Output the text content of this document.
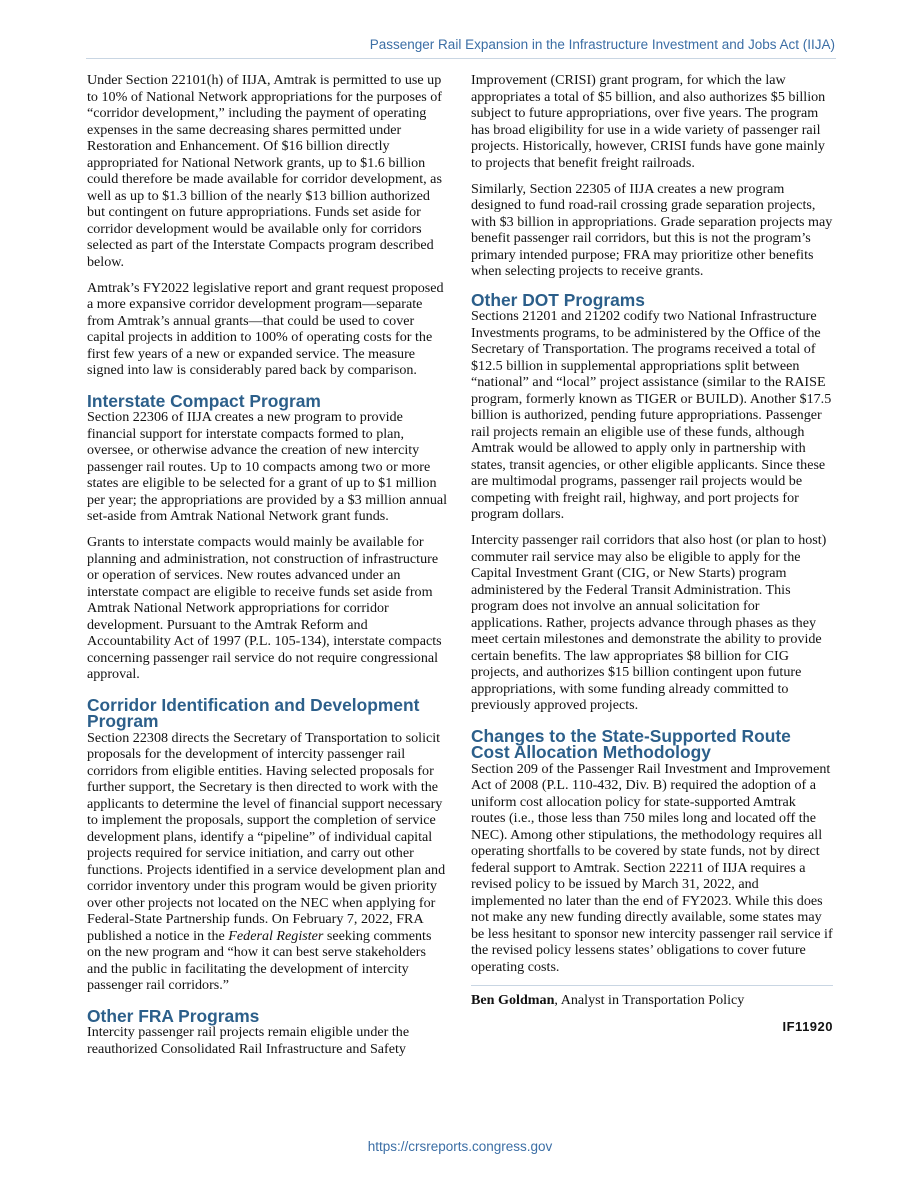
Passenger Rail Expansion in the Infrastructure Investment and Jobs Act (IIJA)

Under Section 22101(h) of IIJA, Amtrak is permitted to use up to 10% of National Network appropriations for the purposes of “corridor development,” including the payment of operating expenses in the same decreasing shares permitted under Restoration and Enhancement. Of $16 billion directly appropriated for National Network grants, up to $1.6 billion could therefore be made available for corridor development, as well as up to $1.3 billion of the nearly $13 billion authorized but contingent on future appropriations. Funds set aside for corridor development would be available only for corridors selected as part of the Interstate Compacts program described below.

Amtrak’s FY2022 legislative report and grant request proposed a more expansive corridor development program—separate from Amtrak’s annual grants—that could be used to cover capital projects in addition to 100% of operating costs for the first few years of a new or expanded service. The measure signed into law is considerably pared back by comparison.

Interstate Compact Program

Section 22306 of IIJA creates a new program to provide financial support for interstate compacts formed to plan, oversee, or otherwise advance the creation of new intercity passenger rail routes. Up to 10 compacts among two or more states are eligible to be selected for a grant of up to $1 million per year; the appropriations are provided by a $3 million annual set-aside from Amtrak National Network grant funds.

Grants to interstate compacts would mainly be available for planning and administration, not construction of infrastructure or operation of services. New routes advanced under an interstate compact are eligible to receive funds set aside from Amtrak National Network appropriations for corridor development. Pursuant to the Amtrak Reform and Accountability Act of 1997 (P.L. 105-134), interstate compacts concerning passenger rail service do not require congressional approval.

Corridor Identification and Development Program

Section 22308 directs the Secretary of Transportation to solicit proposals for the development of intercity passenger rail corridors from eligible entities. Having selected proposals for further support, the Secretary is then directed to work with the applicants to determine the level of financial support necessary to implement the proposals, support the completion of service development plans, identify a “pipeline” of individual capital projects required for service initiation, and carry out other functions. Projects identified in a service development plan and corridor inventory under this program would be given priority over other projects not located on the NEC when applying for Federal-State Partnership funds. On February 7, 2022, FRA published a notice in the Federal Register seeking comments on the new program and “how it can best serve stakeholders and the public in facilitating the development of intercity passenger rail corridors.”

Other FRA Programs

Intercity passenger rail projects remain eligible under the reauthorized Consolidated Rail Infrastructure and Safety

Improvement (CRISI) grant program, for which the law appropriates a total of $5 billion, and also authorizes $5 billion subject to future appropriations, over five years. The program has broad eligibility for use in a wide variety of passenger rail projects. Historically, however, CRISI funds have gone mainly to projects that benefit freight railroads.

Similarly, Section 22305 of IIJA creates a new program designed to fund road-rail crossing grade separation projects, with $3 billion in appropriations. Grade separation projects may benefit passenger rail corridors, but this is not the program’s primary intended purpose; FRA may prioritize other benefits when selecting projects to receive grants.

Other DOT Programs

Sections 21201 and 21202 codify two National Infrastructure Investments programs, to be administered by the Office of the Secretary of Transportation. The programs received a total of $12.5 billion in supplemental appropriations split between “national” and “local” project assistance (similar to the RAISE program, formerly known as TIGER or BUILD). Another $17.5 billion is authorized, pending future appropriations. Passenger rail projects remain an eligible use of these funds, although Amtrak would be allowed to apply only in partnership with states, transit agencies, or other eligible applicants. Since these are multimodal programs, passenger rail projects would be competing with freight rail, highway, and port projects for program dollars.

Intercity passenger rail corridors that also host (or plan to host) commuter rail service may also be eligible to apply for the Capital Investment Grant (CIG, or New Starts) program administered by the Federal Transit Administration. This program does not involve an annual solicitation for applications. Rather, projects advance through phases as they meet certain milestones and demonstrate the ability to provide certain benefits. The law appropriates $8 billion for CIG projects, and authorizes $15 billion contingent upon future appropriations, with some funding already committed to previously approved projects.

Changes to the State-Supported Route Cost Allocation Methodology

Section 209 of the Passenger Rail Investment and Improvement Act of 2008 (P.L. 110-432, Div. B) required the adoption of a uniform cost allocation policy for state-supported Amtrak routes (i.e., those less than 750 miles long and located off the NEC). Among other stipulations, the methodology requires all operating shortfalls to be covered by state funds, not by direct federal support to Amtrak. Section 22211 of IIJA requires a revised policy to be issued by March 31, 2022, and implemented no later than the end of FY2023. While this does not make any new funding directly available, some states may be less hesitant to sponsor new intercity passenger rail service if the revised policy lessens states’ obligations to cover future operating costs.

Ben Goldman, Analyst in Transportation Policy
IF11920
https://crsreports.congress.gov
